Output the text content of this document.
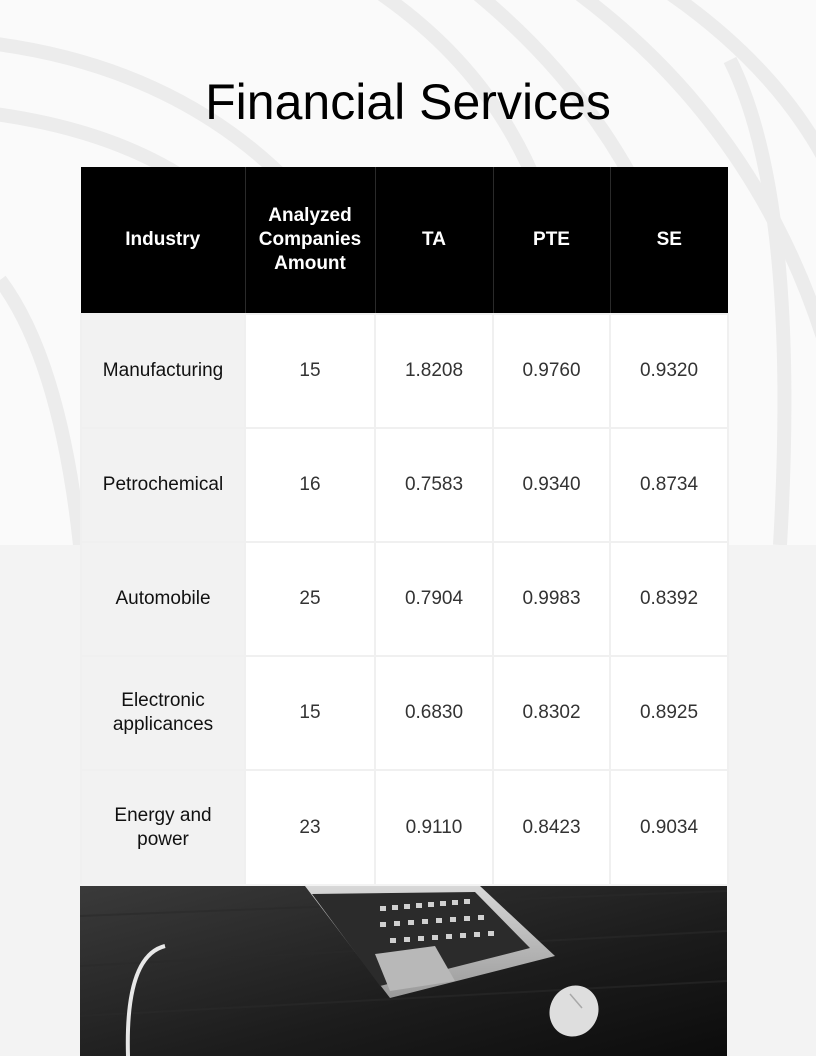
Financial Services
Industry	Analyzed Companies Amount	TA	PTE	SE
Manufacturing	15	1.8208	0.9760	0.9320
Petrochemical	16	0.7583	0.9340	0.8734
Automobile	25	0.7904	0.9983	0.8392
Electronic applicances	15	0.6830	0.8302	0.8925
Energy and power	23	0.9110	0.8423	0.9034
